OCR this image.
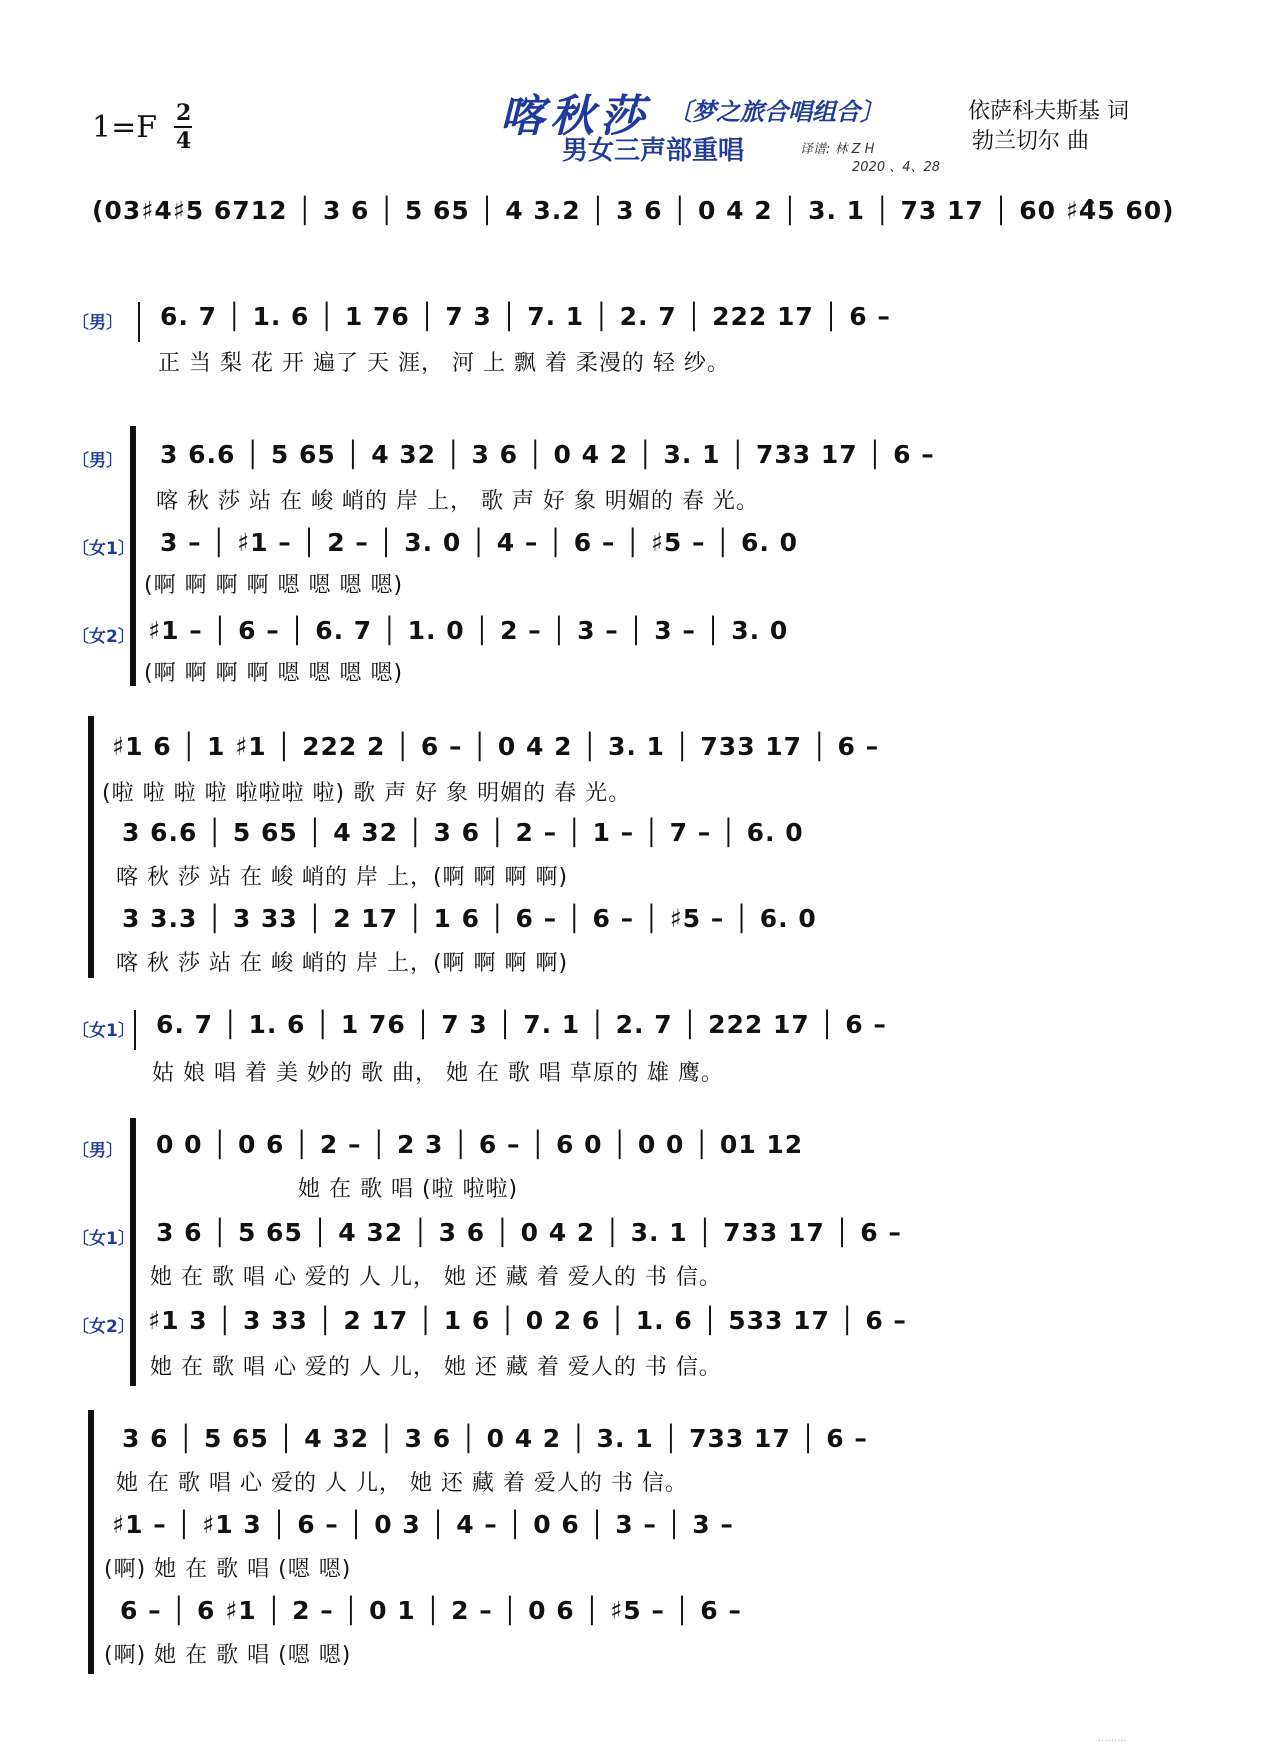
1=F 2
4	喀秋莎 〔梦之旅合唱组合〕
男女三声部重唱	译谱: 林 Z H
2020 、4、28
依萨科夫斯基 词
勃兰切尔 曲
(03♯4♯5 6712 │ 3 6 │ 5 65 │ 4 3.2 │ 3 6 │ 0 4 2 │ 3. 1 │ 73 17 │ 60 ♯4̂5 60)
〔男〕 6. 7 │ 1. 6 │ 1 76 │ 7 3 │ 7. 1 │ 2. 7 │ 222 17 │ 6 –
正 当 梨 花 开 遍了 天 涯， 河 上 飘 着 柔漫的 轻 纱。
〔男〕 3 6.6 │ 5 65 │ 4 32 │ 3 6 │ 0 4 2 │ 3. 1 │ 733 17 │ 6 –
喀 秋 莎 站 在 峻 峭的 岸 上， 歌 声 好 象 明媚的 春 光。
〔女1〕 3 – │ ♯1 – │ 2 – │ 3. 0 │ 4 – │ 6 – │ ♯5 – │ 6. 0
(啊 啊 啊 啊 嗯 嗯 嗯 嗯)
〔女2〕 ♯1 – │ 6 – │ 6. 7 │ 1. 0 │ 2 – │ 3 – │ 3 – │ 3. 0
(啊 啊 啊 啊 嗯 嗯 嗯 嗯)
♯1 6 │ 1 ♯1 │ 222 2 │ 6 – │ 0 4 2 │ 3. 1 │ 733 17 │ 6 –
(啦 啦 啦 啦 啦啦啦 啦) 歌 声 好 象 明媚的 春 光。
3 6.6 │ 5 65 │ 4 32 │ 3 6 │ 2 – │ 1 – │ 7 – │ 6. 0
喀 秋 莎 站 在 峻 峭的 岸 上，(啊 啊 啊 啊)
3 3.3 │ 3 33 │ 2 17 │ 1 6 │ 6 – │ 6 – │ ♯5 – │ 6. 0
喀 秋 莎 站 在 峻 峭的 岸 上，(啊 啊 啊 啊)
〔女1〕 6. 7 │ 1. 6 │ 1 76 │ 7 3 │ 7. 1 │ 2. 7 │ 222 17 │ 6 –
姑 娘 唱 着 美 妙的 歌 曲， 她 在 歌 唱 草原的 雄 鹰。
〔男〕 0 0 │ 0 6 │ 2 – │ 2 3 │ 6 – │ 6 0 │ 0 0 │ 01 12
她 在 歌 唱 (啦 啦啦)
〔女1〕 3 6 │ 5 65 │ 4 32 │ 3 6 │ 0 4 2 │ 3. 1 │ 733 17 │ 6 –
她 在 歌 唱 心 爱的 人 儿， 她 还 藏 着 爱人的 书 信。
〔女2〕 ♯1 3 │ 3 33 │ 2 17 │ 1 6 │ 0 2 6 │ 1. 6 │ 533 17 │ 6 –
她 在 歌 唱 心 爱的 人 儿， 她 还 藏 着 爱人的 书 信。
3 6 │ 5 65 │ 4 32 │ 3 6 │ 0 4 2 │ 3. 1 │ 733 17 │ 6 –
她 在 歌 唱 心 爱的 人 儿， 她 还 藏 着 爱人的 书 信。
♯1 – │ ♯1 3 │ 6 – │ 0 3 │ 4 – │ 0 6 │ 3 – │ 3 –
(啊) 她 在 歌 唱 (嗯 嗯)
6 – │ 6 ♯1 │ 2 – │ 0 1 │ 2 – │ 0 6 │ ♯5 – │ 6 –
(啊) 她 在 歌 唱 (嗯 嗯)
·········
